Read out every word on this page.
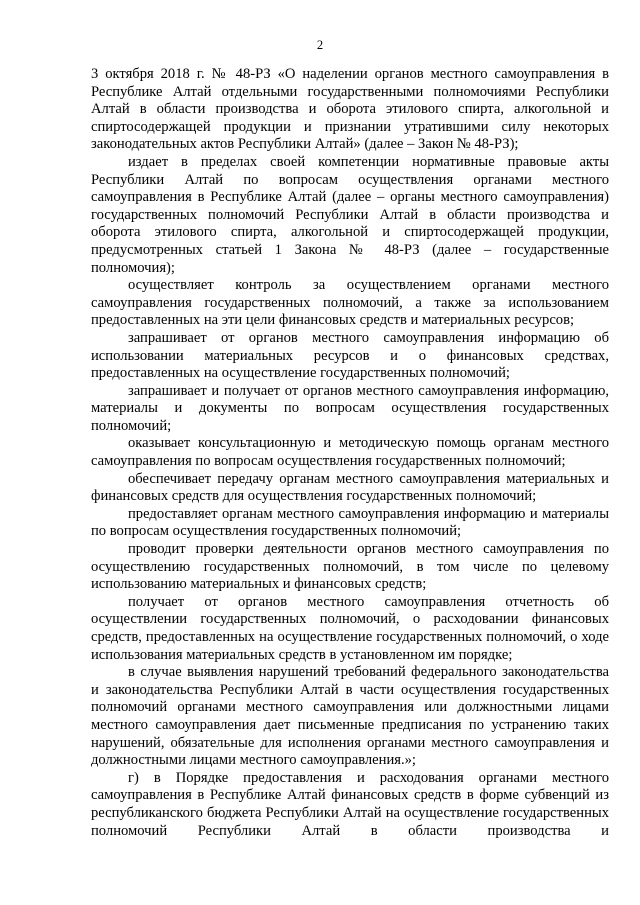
2

3 октября 2018 г. № 48-РЗ «О наделении органов местного самоуправления в Республике Алтай отдельными государственными полномочиями Республики Алтай в области производства и оборота этилового спирта, алкогольной и спиртосодержащей продукции и признании утратившими силу некоторых законодательных актов Республики Алтай» (далее – Закон № 48-РЗ);

издает в пределах своей компетенции нормативные правовые акты Республики Алтай по вопросам осуществления органами местного самоуправления в Республике Алтай (далее – органы местного самоуправления) государственных полномочий Республики Алтай в области производства и оборота этилового спирта, алкогольной и спиртосодержащей продукции, предусмотренных статьей 1 Закона № 48-РЗ (далее – государственные полномочия);

осуществляет контроль за осуществлением органами местного самоуправления государственных полномочий, а также за использованием предоставленных на эти цели финансовых средств и материальных ресурсов;

запрашивает от органов местного самоуправления информацию об использовании материальных ресурсов и о финансовых средствах, предоставленных на осуществление государственных полномочий;

запрашивает и получает от органов местного самоуправления информацию, материалы и документы по вопросам осуществления государственных полномочий;

оказывает консультационную и методическую помощь органам местного самоуправления по вопросам осуществления государственных полномочий;

обеспечивает передачу органам местного самоуправления материальных и финансовых средств для осуществления государственных полномочий;

предоставляет органам местного самоуправления информацию и материалы по вопросам осуществления государственных полномочий;

проводит проверки деятельности органов местного самоуправления по осуществлению государственных полномочий, в том числе по целевому использованию материальных и финансовых средств;

получает от органов местного самоуправления отчетность об осуществлении государственных полномочий, о расходовании финансовых средств, предоставленных на осуществление государственных полномочий, о ходе использования материальных средств в установленном им порядке;

в случае выявления нарушений требований федерального законодательства и законодательства Республики Алтай в части осуществления государственных полномочий органами местного самоуправления или должностными лицами местного самоуправления дает письменные предписания по устранению таких нарушений, обязательные для исполнения органами местного самоуправления и должностными лицами местного самоуправления.»;

г) в Порядке предоставления и расходования органами местного самоуправления в Республике Алтай финансовых средств в форме субвенций из республиканского бюджета Республики Алтай на осуществление государственных полномочий Республики Алтай в области производства и
